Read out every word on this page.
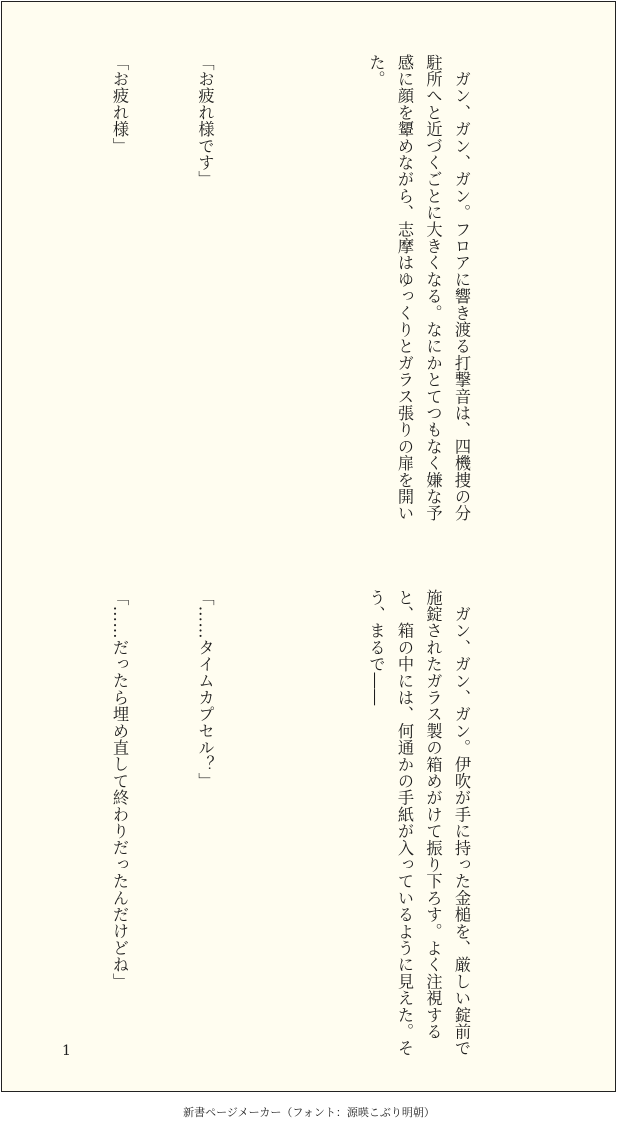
　ガン、ガン、ガン。フロアに響き渡る打撃音は、四機捜の分駐所へと近づくごとに大きくなる。なにかとてつもなく嫌な予感に顔を顰めながら、志摩はゆっくりとガラス張りの扉を開いた。

「お疲れ様です」

「お疲れ様」

　ガン、ガン、ガン。伊吹が手に持った金槌を、厳しい錠前で施錠されたガラス製の箱めがけて振り下ろす。よく注視すると、箱の中には、何通かの手紙が入っているように見えた。そう、まるで――

「……タイムカプセル？」

「……だったら埋め直して終わりだったんだけどね」

1
新書ページメーカー（フォント：源暎こぶり明朝）
